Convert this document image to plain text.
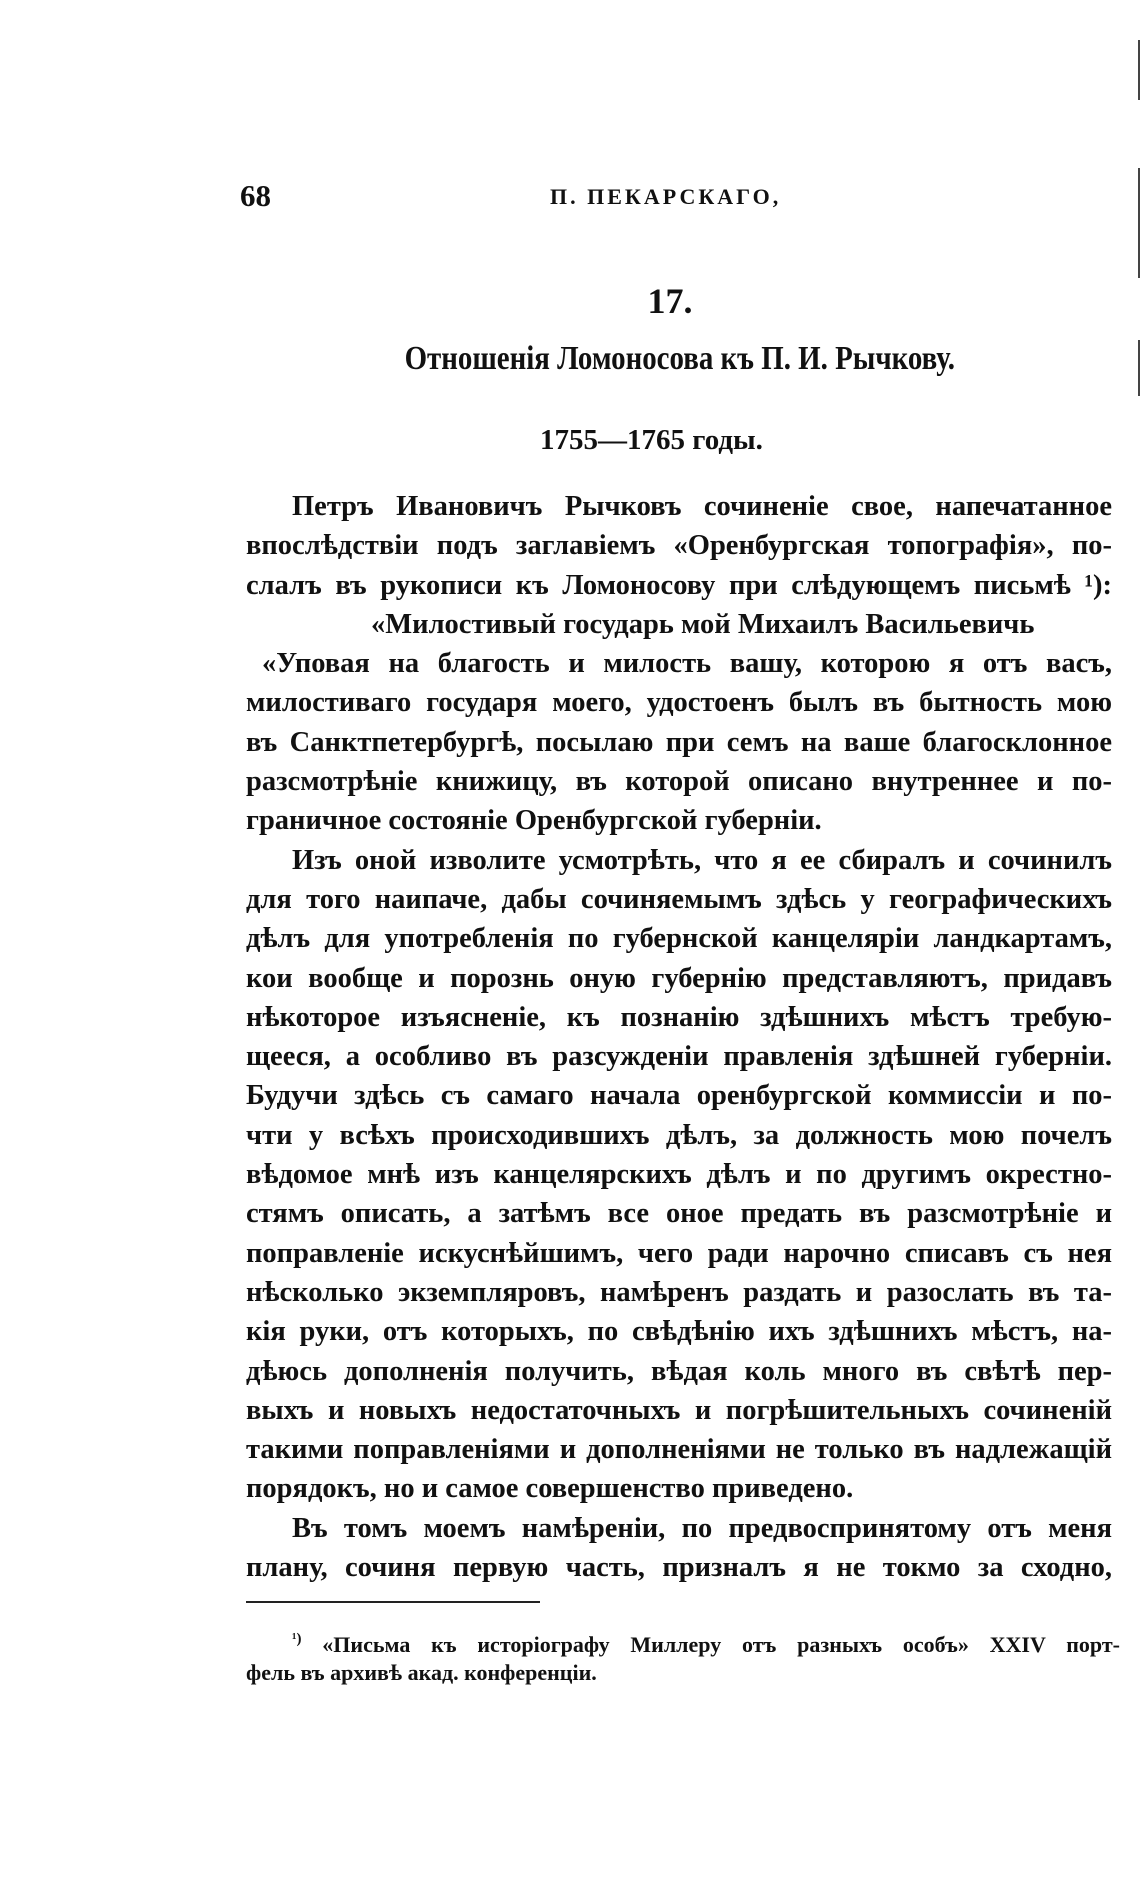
68	П. ПЕКАРСКАГО,
17.
Отношенія Ломоносова къ П. И. Рычкову.
1755—1765 годы.
Петръ Ивановичъ Рычковъ сочиненіе свое, напечатанное
впослѣдствіи подъ заглавіемъ «Оренбургская топографія», по-
слалъ въ рукописи къ Ломоносову при слѣдующемъ письмѣ ¹):
«Милостивый государь мой Михаилъ Васильевичь
«Уповая на благость и милость вашу, которою я отъ васъ,
милостиваго государя моего, удостоенъ былъ въ бытность мою
въ Санктпетербургѣ, посылаю при семъ на ваше благосклонное
разсмотрѣніе книжицу, въ которой описано внутреннее и по-
граничное состояніе Оренбургской губерніи.
Изъ оной изволите усмотрѣть, что я ее сбиралъ и сочинилъ
для того наипаче, дабы сочиняемымъ здѣсь у географическихъ
дѣлъ для употребленія по губернской канцеляріи ландкартамъ,
кои вообще и порознь оную губернію представляютъ, придавъ
нѣкоторое изъясненіе, къ познанію здѣшнихъ мѣстъ требую-
щееся, а особливо въ разсужденіи правленія здѣшней губерніи.
Будучи здѣсь съ самаго начала оренбургской коммиссіи и по-
чти у всѣхъ происходившихъ дѣлъ, за должность мою почелъ
вѣдомое мнѣ изъ канцелярскихъ дѣлъ и по другимъ окрестно-
стямъ описать, а затѣмъ все оное предать въ разсмотрѣніе и
поправленіе искуснѣйшимъ, чего ради нарочно списавъ съ нея
нѣсколько экземпляровъ, намѣренъ раздать и разослать въ та-
кія руки, отъ которыхъ, по свѣдѣнію ихъ здѣшнихъ мѣстъ, на-
дѣюсь дополненія получить, вѣдая коль много въ свѣтѣ пер-
выхъ и новыхъ недостаточныхъ и погрѣшительныхъ сочиненій
такими поправленіями и дополненіями не только въ надлежащій
порядокъ, но и самое совершенство приведено.
Въ томъ моемъ намѣреніи, по предвоспринятому отъ меня
плану, сочиня первую часть, призналъ я не токмо за сходно,
$^{^1)}$ «Письма къ исторіографу Миллеру отъ разныхъ особъ» XXIV порт-
фель въ архивѣ акад. конференціи.
